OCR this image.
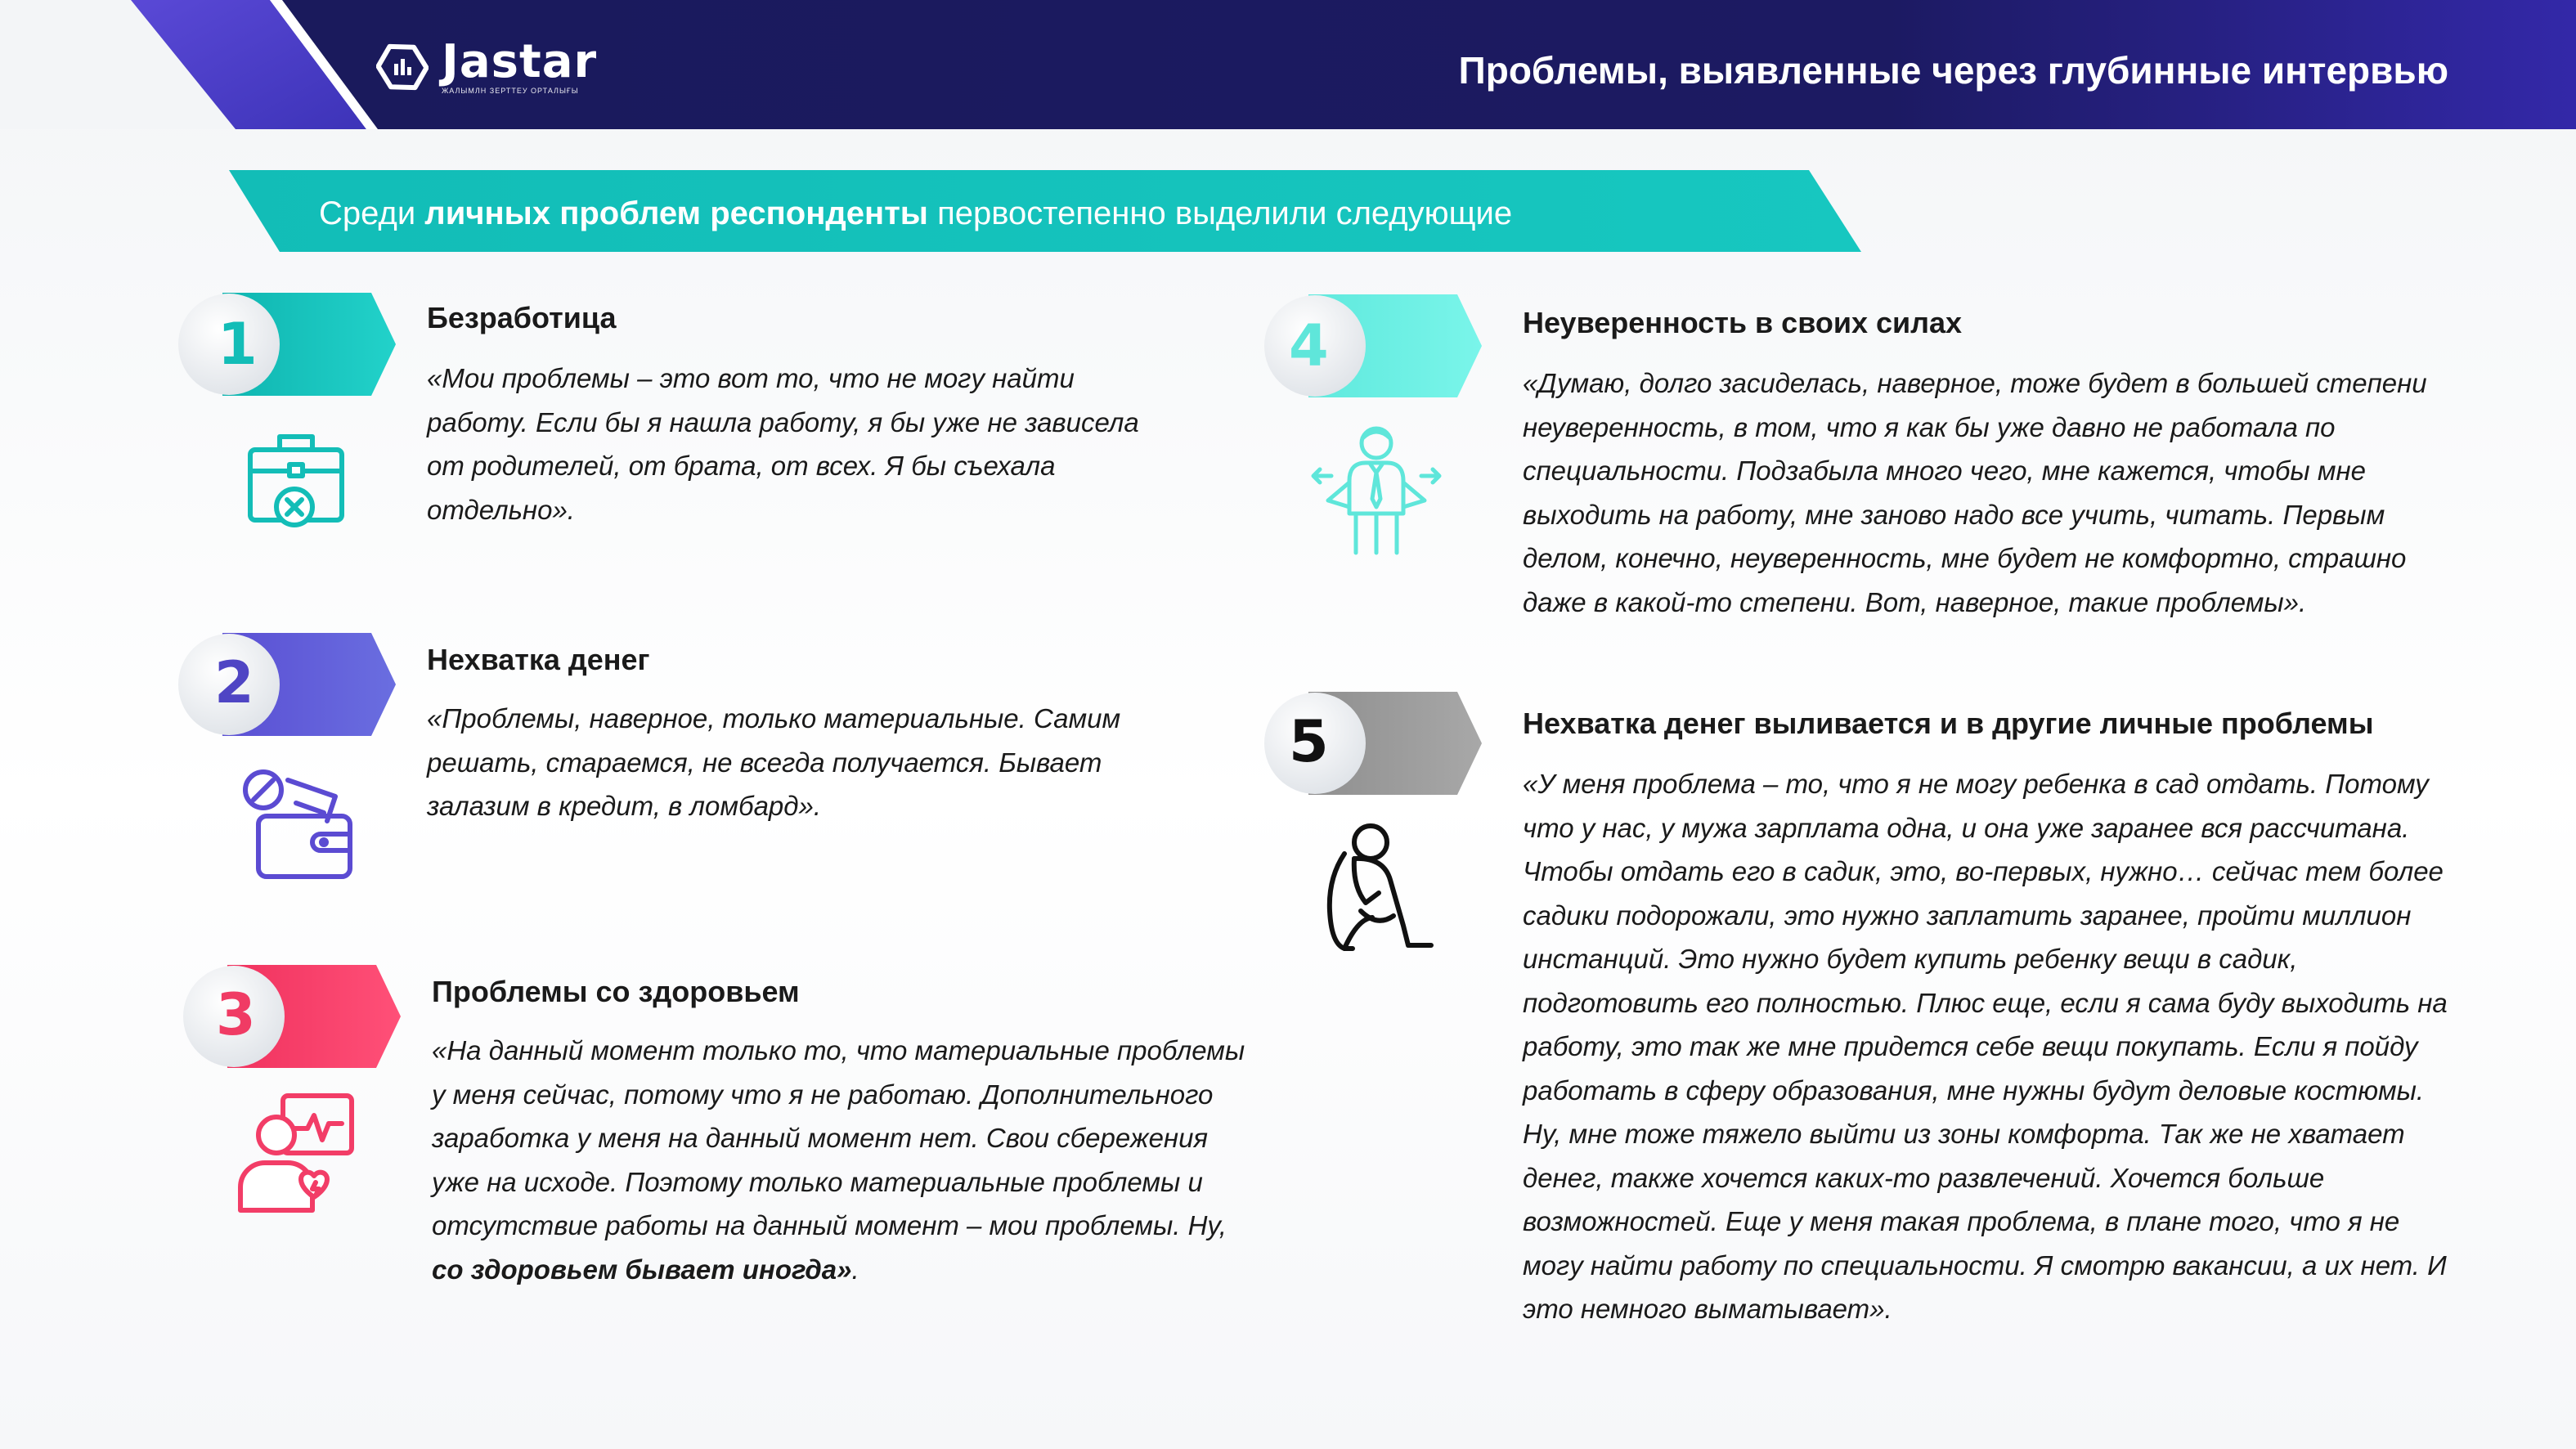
Jastar
ЖАЛЫМЛН ЗЕРТТЕУ ОРТАЛЫҒЫ	Проблемы, выявленные через глубинные интервью
Среди личных проблем респонденты первостепенно выделили следующие
1	Безработица
«Мои проблемы – это вот то, что не могу найти работу. Если бы я нашла работу, я бы уже не зависела от родителей, от брата, от всех. Я бы съехала отдельно».
2	Нехватка денег
«Проблемы, наверное, только материальные. Самим решать, стараемся, не всегда получается. Бывает залазим в кредит, в ломбард».
3	Проблемы со здоровьем
«На данный момент только то, что материальные проблемы у меня сейчас, потому что я не работаю. Дополнительного заработка у меня на данный момент нет. Свои сбережения уже на исходе. Поэтому только материальные проблемы и отсутствие работы на данный момент – мои проблемы. Ну, со здоровьем бывает иногда».
4	Неуверенность в своих силах
«Думаю, долго засиделась, наверное, тоже будет в большей степени неуверенность, в том, что я как бы уже давно не работала по специальности. Подзабыла много чего, мне кажется, чтобы мне выходить на работу, мне заново надо все учить, читать. Первым делом, конечно, неуверенность, мне будет не комфортно, страшно даже в какой-то степени. Вот, наверное, такие проблемы».
5	Нехватка денег выливается и в другие личные проблемы
«У меня проблема – то, что я не могу ребенка в сад отдать. Потому что у нас, у мужа зарплата одна, и она уже заранее вся рассчитана. Чтобы отдать его в садик, это, во-первых, нужно… сейчас тем более садики подорожали, это нужно заплатить заранее, пройти миллион инстанций. Это нужно будет купить ребенку вещи в садик, подготовить его полностью. Плюс еще, если я сама буду выходить на работу, это так же мне придется себе вещи покупать. Если я пойду работать в сферу образования, мне нужны будут деловые костюмы. Ну, мне тоже тяжело выйти из зоны комфорта. Так же не хватает денег, также хочется каких-то развлечений. Хочется больше возможностей. Еще у меня такая проблема, в плане того, что я не могу найти работу по специальности. Я смотрю вакансии, а их нет. И это немного выматывает».
